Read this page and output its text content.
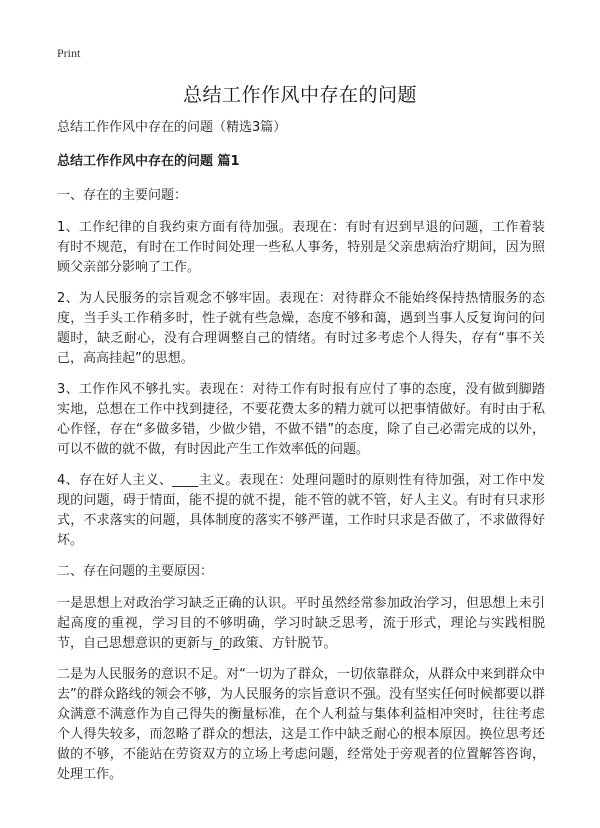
Print
总结工作作风中存在的问题

总结工作作风中存在的问题（精选3篇）

总结工作作风中存在的问题 篇1

一、存在的主要问题：

1、工作纪律的自我约束方面有待加强。表现在：有时有迟到早退的问题，工作着装有时不规范，有时在工作时间处理一些私人事务，特别是父亲患病治疗期间，因为照顾父亲部分影响了工作。

2、为人民服务的宗旨观念不够牢固。表现在：对待群众不能始终保持热情服务的态度，当手头工作稍多时，性子就有些急燥，态度不够和蔼，遇到当事人反复询问的问题时，缺乏耐心，没有合理调整自己的情绪。有时过多考虑个人得失，存有“事不关己，高高挂起”的思想。

3、工作作风不够扎实。表现在：对待工作有时报有应付了事的态度，没有做到脚踏实地，总想在工作中找到捷径，不要花费太多的精力就可以把事情做好。有时由于私心作怪，存在“多做多错，少做少错，不做不错”的态度，除了自己必需完成的以外，可以不做的就不做，有时因此产生工作效率低的问题。

4、存在好人主义、____主义。表现在：处理问题时的原则性有待加强，对工作中发现的问题，碍于情面，能不提的就不提，能不管的就不管，好人主义。有时有只求形式，不求落实的问题，具体制度的落实不够严谨，工作时只求是否做了，不求做得好坏。

二、存在问题的主要原因：

一是思想上对政治学习缺乏正确的认识。平时虽然经常参加政治学习，但思想上未引起高度的重视，学习目的不够明确，学习时缺乏思考，流于形式，理论与实践相脱节，自己思想意识的更新与_的政策、方针脱节。

二是为人民服务的意识不足。对“一切为了群众，一切依靠群众，从群众中来到群众中去”的群众路线的领会不够，为人民服务的宗旨意识不强。没有坚实任何时候都要以群众满意不满意作为自己得失的衡量标准，在个人利益与集体利益相冲突时，往往考虑个人得失较多，而忽略了群众的想法，这是工作中缺乏耐心的根本原因。换位思考还做的不够，不能站在劳资双方的立场上考虑问题，经常处于旁观者的位置解答咨询，处理工作。
